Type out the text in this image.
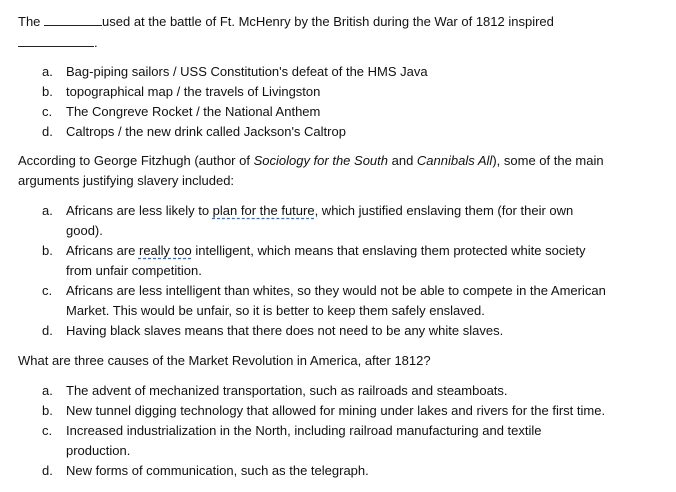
The	used at the battle of Ft. McHenry by the British during the War of 1812 inspired
.
a. Bag-piping sailors / USS Constitution's defeat of the HMS Java
b. topographical map / the travels of Livingston
c. The Congreve Rocket / the National Anthem
d. Caltrops / the new drink called Jackson's Caltrop
According to George Fitzhugh (author of Sociology for the South and Cannibals All), some of the main
arguments justifying slavery included:
a. Africans are less likely to plan for the future, which justified enslaving them (for their own
good).
b. Africans are really too intelligent, which means that enslaving them protected white society
from unfair competition.
c. Africans are less intelligent than whites, so they would not be able to compete in the American
Market. This would be unfair, so it is better to keep them safely enslaved.
d. Having black slaves means that there does not need to be any white slaves.
What are three causes of the Market Revolution in America, after 1812?
a. The advent of mechanized transportation, such as railroads and steamboats.
b. New tunnel digging technology that allowed for mining under lakes and rivers for the first time.
c. Increased industrialization in the North, including railroad manufacturing and textile
production.
d. New forms of communication, such as the telegraph.
